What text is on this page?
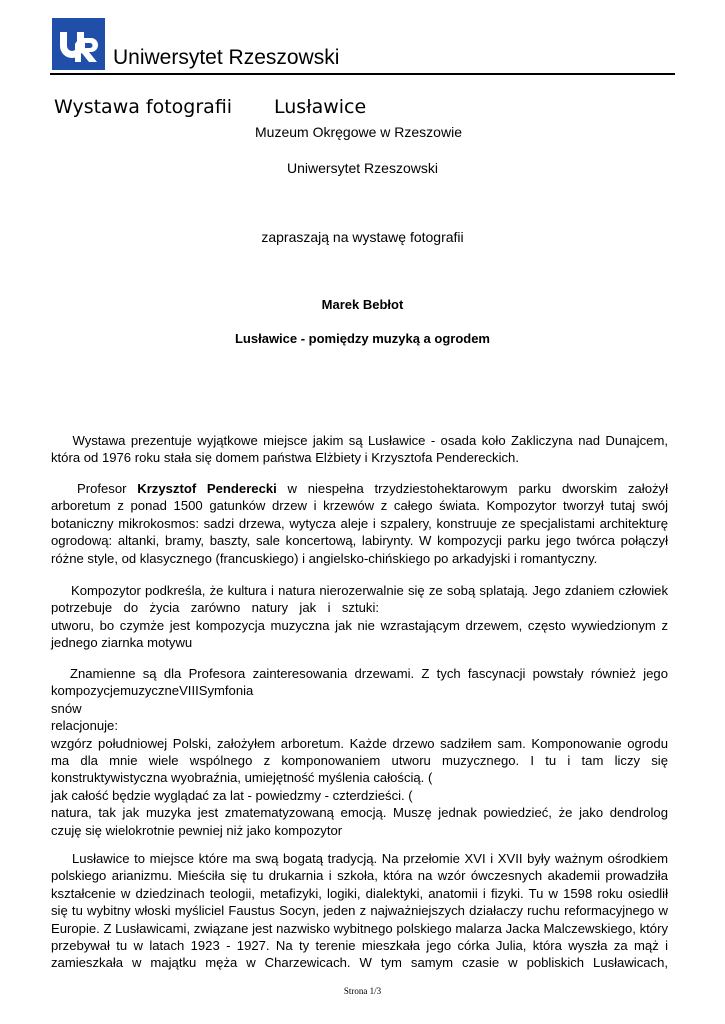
Uniwersytet Rzeszowski
Wystawa fotografii Lusławice
Muzeum Okręgowe w Rzeszowie
Uniwersytet Rzeszowski
zapraszają na wystawę fotografii
Marek Bebłot
Lusławice - pomiędzy muzyką a ogrodem

Wystawa prezentuje wyjątkowe miejsce jakim są Lusławice - osada koło Zakliczyna nad Dunajcem,

która od 1976 roku stała się domem państwa Elżbiety i Krzysztofa Pendereckich.

Profesor Krzysztof Penderecki w niespełna trzydziestohektarowym parku dworskim założył

arboretum z ponad 1500 gatunków drzew i krzewów z całego świata. Kompozytor tworzył tutaj swój

botaniczny mikrokosmos: sadzi drzewa, wytycza aleje i szpalery, konstruuje ze specjalistami architekturę

ogrodową: altanki, bramy, baszty, sale koncertową, labirynty. W kompozycji parku jego twórca połączył

różne style, od klasycznego (francuskiego) i angielsko-chińskiego po arkadyjski i romantyczny.

Kompozytor podkreśla, że kultura i natura nierozerwalnie się ze sobą splatają. Jego zdaniem człowiek

potrzebuje do życia zarówno natury jak i sztuki:

utworu, bo czymże jest kompozycja muzyczna jak nie wzrastającym drzewem, często wywiedzionym z

jednego ziarnka motywu

Znamienne są dla Profesora zainteresowania drzewami. Z tych fascynacji powstały również jego

kompozycjemuzyczneVIIISymfonia

snów

relacjonuje:

wzgórz południowej Polski, założyłem arboretum. Każde drzewo sadziłem sam. Komponowanie ogrodu

ma dla mnie wiele wspólnego z komponowaniem utworu muzycznego. I tu i tam liczy się

konstruktywistyczna wyobraźnia, umiejętność myślenia całością. (

jak całość będzie wyglądać za lat - powiedzmy - czterdzieści. (

natura, tak jak muzyka jest zmatematyzowaną emocją. Muszę jednak powiedzieć, że jako dendrolog

czuję się wielokrotnie pewniej niż jako kompozytor

Lusławice to miejsce które ma swą bogatą tradycją. Na przełomie XVI i XVII były ważnym ośrodkiem

polskiego arianizmu. Mieściła się tu drukarnia i szkoła, która na wzór ówczesnych akademii prowadziła

kształcenie w dziedzinach teologii, metafizyki, logiki, dialektyki, anatomii i fizyki. Tu w 1598 roku osiedlił

się tu wybitny włoski myśliciel Faustus Socyn, jeden z najważniejszych działaczy ruchu reformacyjnego w

Europie. Z Lusławicami, związane jest nazwisko wybitnego polskiego malarza Jacka Malczewskiego, który

przebywał tu w latach 1923 - 1927. Na ty terenie mieszkała jego córka Julia, która wyszła za mąż i

zamieszkała w majątku męża w Charzewicach. W tym samym czasie w pobliskich Lusławicach,

Strona 1/3
